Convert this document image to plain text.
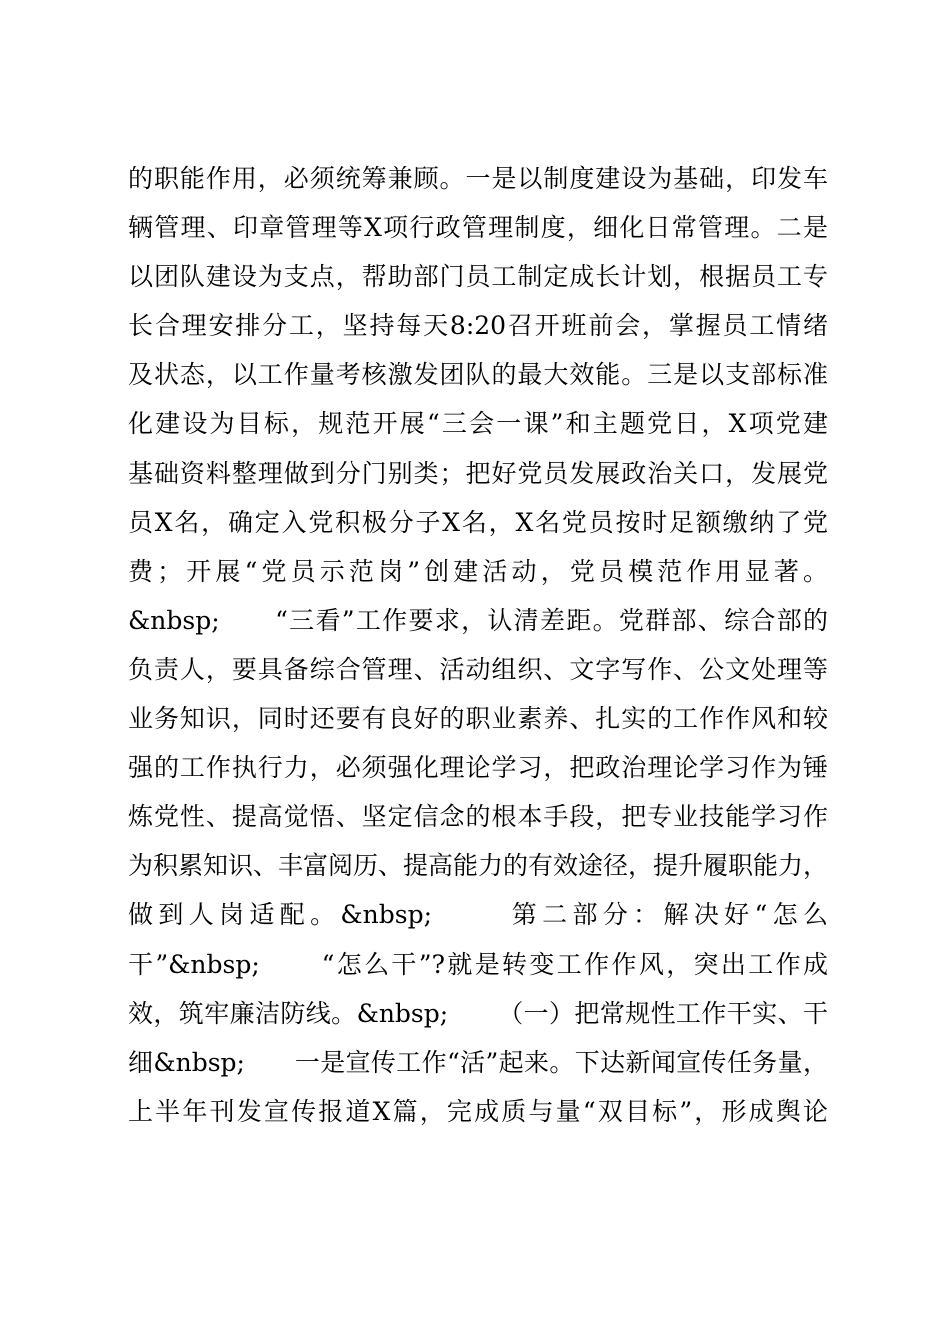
的职能作用，必须统筹兼顾。一是以制度建设为基础，印发车
辆管理、印章管理等X项行政管理制度，细化日常管理。二是
以团队建设为支点，帮助部门员工制定成长计划，根据员工专
长合理安排分工，坚持每天8:20召开班前会，掌握员工情绪
及状态，以工作量考核激发团队的最大效能。三是以支部标准
化建设为目标，规范开展“三会一课”和主题党日，X项党建
基础资料整理做到分门别类；把好党员发展政治关口，发展党
员X名，确定入党积极分子X名，X名党员按时足额缴纳了党
费；开展“党员示范岗”创建活动，党员模范作用显著。
&nbsp;      “三看”工作要求，认清差距。党群部、综合部的
负责人，要具备综合管理、活动组织、文字写作、公文处理等
业务知识，同时还要有良好的职业素养、扎实的工作作风和较
强的工作执行力，必须强化理论学习，把政治理论学习作为锤
炼党性、提高觉悟、坚定信念的根本手段，把专业技能学习作
为积累知识、丰富阅历、提高能力的有效途径，提升履职能力，
做到人岗适配。&nbsp;      第二部分：解决好“怎么
干”&nbsp;      “怎么干”?就是转变工作作风，突出工作成
效，筑牢廉洁防线。&nbsp;      （一）把常规性工作干实、干
细&nbsp;      一是宣传工作“活”起来。下达新闻宣传任务量，
上半年刊发宣传报道X篇，完成质与量“双目标”，形成舆论
